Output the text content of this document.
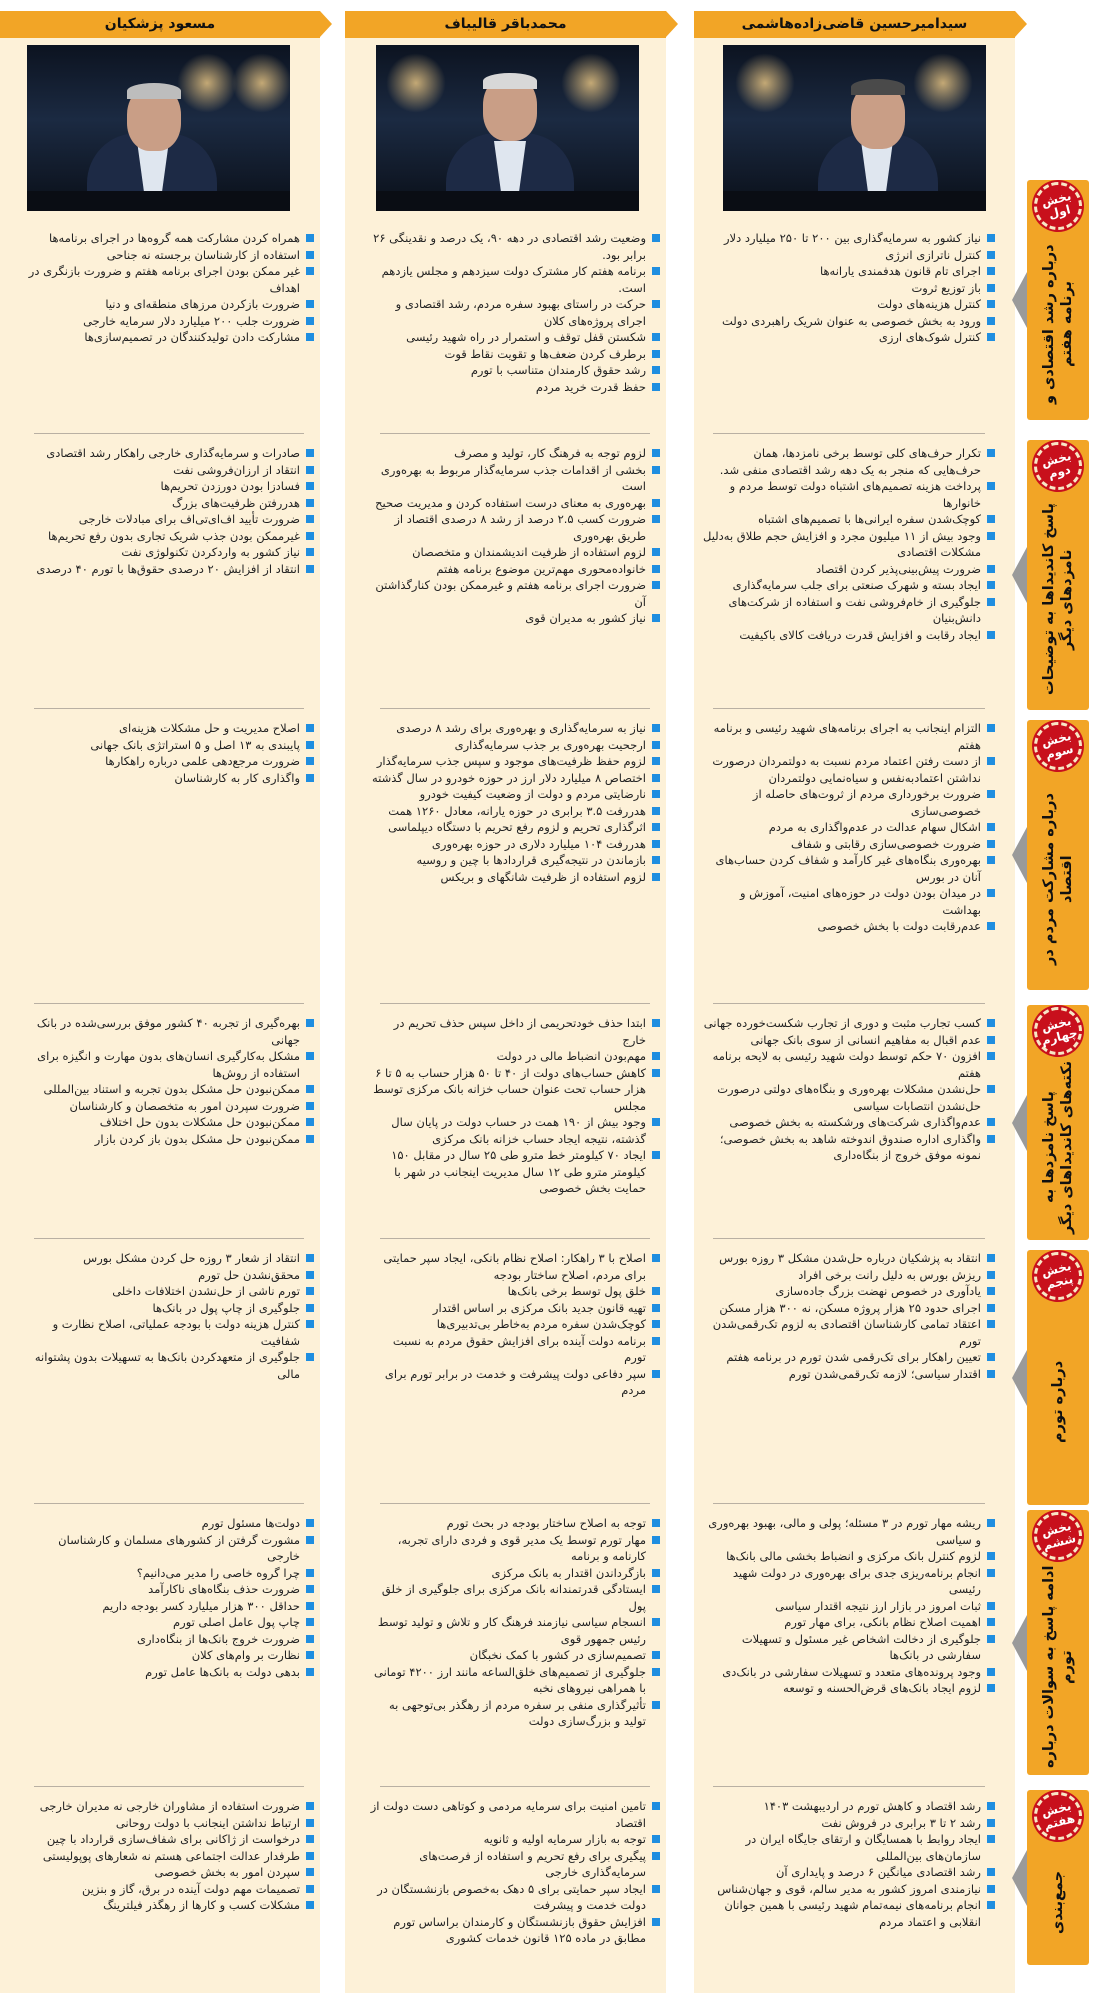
سیدامیرحسین قاضی‌زاده‌هاشمی
محمدباقر قالیباف
مسعود پزشکیان
نیاز کشور به سرمایه‌گذاری بین ۲۰۰ تا ۲۵۰ میلیارد دلار
کنترل ناترازی انرژی
اجرای تام قانون هدفمندی یارانه‌ها
باز توزیع ثروت
کنترل هزینه‌های دولت
ورود به بخش خصوصی به عنوان شریک راهبردی دولت
کنترل شوک‌های ارزی
وضعیت رشد اقتصادی در دهه ۹۰، یک درصد و نقدینگی ۲۶ برابر بود.
برنامه هفتم کار مشترک دولت سیزدهم و مجلس یازدهم است.
حرکت در راستای بهبود سفره مردم، رشد اقتصادی و اجرای پروژه‌های کلان
شکستن قفل توقف و استمرار در راه شهید رئیسی
برطرف کردن ضعف‌ها و تقویت نقاط قوت
رشد حقوق کارمندان متناسب با تورم
حفظ قدرت خرید مردم
همراه کردن مشارکت همه گروه‌ها در اجرای برنامه‌ها
استفاده از کارشناسان برجسته نه جناحی
غیر ممکن بودن اجرای برنامه هفتم و ضرورت بازنگری در اهداف
ضرورت بازکردن مرزهای منطقه‌ای و دنیا
ضرورت جلب ۲۰۰ میلیارد دلار سرمایه خارجی
مشارکت دادن تولیدکنندگان در تصمیم‌سازی‌ها	درباره رشد اقتصادی و برنامه هفتم
بخش اول
تکرار حرف‌های کلی توسط برخی نامزدها، همان حرف‌هایی که منجر به یک دهه رشد اقتصادی منفی شد.
پرداخت هزینه تصمیم‌های اشتباه دولت توسط مردم و خانوارها
کوچک‌شدن سفره ایرانی‌ها با تصمیم‌های اشتباه
وجود بیش از ۱۱ میلیون مجرد و افزایش حجم طلاق به‌دلیل مشکلات اقتصادی
ضرورت پیش‌بینی‌پذیر کردن اقتصاد
ایجاد بسته و شهرک صنعتی برای جلب سرمایه‌گذاری
جلوگیری از خام‌فروشی نفت و استفاده از شرکت‌های دانش‌بنیان
ایجاد رقابت و افزایش قدرت دریافت کالای باکیفیت
لزوم توجه به فرهنگ کار، تولید و مصرف
بخشی از اقدامات جذب سرمایه‌گذار مربوط به بهره‌وری است
بهره‌وری به معنای درست استفاده کردن و مدیریت صحیح
ضرورت کسب ۲.۵ درصد از رشد ۸ درصدی اقتصاد از طریق بهره‌وری
لزوم استفاده از ظرفیت اندیشمندان و متخصصان
خانواده‌محوری مهم‌ترین موضوع برنامه هفتم
ضرورت اجرای برنامه هفتم و غیرممکن بودن کنارگذاشتن آن
نیاز کشور به مدیران قوی
صادرات و سرمایه‌گذاری خارجی راهکار رشد اقتصادی
انتقاد از ارزان‌فروشی نفت
فسادزا بودن دورزدن تحریم‌ها
هدررفتن ظرفیت‌های بزرگ
ضرورت تأیید اف‌ای‌تی‌اف برای مبادلات خارجی
غیرممکن بودن جذب شریک تجاری بدون رفع تحریم‌ها
نیاز کشور به واردکردن تکنولوژی نفت
انتقاد از افزایش ۲۰ درصدی حقوق‌ها با تورم ۴۰ درصدی	پاسخ کاندیداها به توضیحات نامزدهای دیگر
بخش دوم
التزام اینجانب به اجرای برنامه‌های شهید رئیسی و برنامه هفتم
از دست رفتن اعتماد مردم نسبت به دولتمردان درصورت نداشتن اعتمادبه‌نفس و سیاه‌نمایی دولتمردان
ضرورت برخورداری مردم از ثروت‌های حاصله از خصوصی‌سازی
اشکال سهام عدالت در عدم‌واگذاری به مردم
ضرورت خصوصی‌سازی رقابتی و شفاف
بهره‌وری بنگاه‌های غیر کارآمد و شفاف کردن حساب‌های آنان در بورس
در میدان بودن دولت در حوزه‌های امنیت، آموزش و بهداشت
عدم‌رقابت دولت با بخش خصوصی
نیاز به سرمایه‌گذاری و بهره‌وری برای رشد ۸ درصدی
ارجحیت بهره‌وری بر جذب سرمایه‌گذاری
لزوم حفظ ظرفیت‌های موجود و سپس جذب سرمایه‌گذار
اختصاص ۸ میلیارد دلار ارز در حوزه خودرو در سال گذشته
نارضایتی مردم و دولت از وضعیت کیفیت خودرو
هدررفت ۳.۵ برابری در حوزه یارانه، معادل ۱۲۶۰ همت
اثرگذاری تحریم و لزوم رفع تحریم با دستگاه دیپلماسی
هدررفت ۱۰۴ میلیارد دلاری در حوزه بهره‌وری
بازماندن در نتیجه‌گیری قراردادها با چین و روسیه
لزوم استفاده از ظرفیت شانگهای و بریکس
اصلاح مدیریت و حل مشکلات هزینه‌ای
پایبندی به ۱۳ اصل و ۵ استراتژی بانک جهانی
ضرورت مرجع‌دهی علمی درباره راهکارها
واگذاری کار به کارشناسان
درباره مشارکت مردم در اقتصاد
بخش سوم
کسب تجارب مثبت و دوری از تجارب شکست‌خورده جهانی
عدم اقبال به مفاهیم انسانی از سوی بانک جهانی
افزون ۷۰ حکم توسط دولت شهید رئیسی به لایحه برنامه هفتم
حل‌نشدن مشکلات بهره‌وری و بنگاه‌های دولتی درصورت حل‌نشدن انتصابات سیاسی
عدم‌واگذاری شرکت‌های ورشکسته به بخش خصوصی
واگذاری اداره صندوق اندوخته شاهد به بخش خصوصی؛ نمونه موفق خروج از بنگاه‌داری
ابتدا حذف خودتحریمی از داخل سپس حذف تحریم در خارج
مهم‌بودن انضباط مالی در دولت
کاهش حساب‌های دولت از ۴۰ تا ۵۰ هزار حساب به ۵ تا ۶ هزار حساب تحت عنوان حساب خزانه بانک مرکزی توسط مجلس
وجود بیش از ۱۹۰ همت در حساب دولت در پایان سال گذشته، نتیجه ایجاد حساب خزانه بانک مرکزی
ایجاد ۷۰ کیلومتر خط مترو طی ۲۵ سال در مقابل ۱۵۰ کیلومتر مترو طی ۱۲ سال مدیریت اینجانب در شهر با حمایت بخش خصوصی
بهره‌گیری از تجربه ۴۰ کشور موفق بررسی‌شده در بانک جهانی
مشکل به‌کارگیری انسان‌های بدون مهارت و انگیزه برای استفاده از روش‌ها
ممکن‌نبودن حل مشکل بدون تجربه و استناد بین‌المللی
ضرورت سپردن امور به متخصصان و کارشناسان
ممکن‌نبودن حل مشکلات بدون حل اختلاف
ممکن‌نبودن حل مشکل بدون باز کردن بازار	پاسخ نامزدها به نکته‌های کاندیداهای دیگر
بخش چهارم
انتقاد به پزشکیان درباره حل‌شدن مشکل ۳ روزه بورس
ریزش بورس به دلیل رانت برخی افراد
یادآوری در خصوص نهضت بزرگ جاده‌سازی
اجرای حدود ۲۵ هزار پروژه مسکن، نه ۳۰۰ هزار مسکن
اعتقاد تمامی کارشناسان اقتصادی به لزوم تک‌رقمی‌شدن تورم
تعیین راهکار برای تک‌رقمی شدن تورم در برنامه هفتم
اقتدار سیاسی؛ لازمه تک‌رقمی‌شدن تورم
اصلاح با ۳ راهکار: اصلاح نظام بانکی، ایجاد سپر حمایتی برای مردم، اصلاح ساختار بودجه
خلق پول توسط برخی بانک‌ها
تهیه قانون جدید بانک مرکزی بر اساس اقتدار
کوچک‌شدن سفره مردم به‌خاطر بی‌تدبیری‌ها
برنامه دولت آینده برای افزایش حقوق مردم به نسبت تورم
سپر دفاعی دولت پیشرفت و خدمت در برابر تورم برای مردم
انتقاد از شعار ۳ روزه حل کردن مشکل بورس
محقق‌نشدن حل تورم
تورم ناشی از حل‌نشدن اختلافات داخلی
جلوگیری از چاپ پول در بانک‌ها
کنترل هزینه دولت با بودجه عملیاتی، اصلاح نظارت و شفافیت
جلوگیری از متعهدکردن بانک‌ها به تسهیلات بدون پشتوانه مالی	درباره تورم
بخش پنجم
ریشه مهار تورم در ۳ مسئله؛ پولی و مالی، بهبود بهره‌وری و سیاسی
لزوم کنترل بانک مرکزی و انضباط بخشی مالی بانک‌ها
انجام برنامه‌ریزی جدی برای بهره‌وری در دولت شهید رئیسی
ثبات امروز در بازار ارز نتیجه اقتدار سیاسی
اهمیت اصلاح نظام بانکی، برای مهار تورم
جلوگیری از دخالت اشخاص غیر مسئول و تسهیلات سفارشی در بانک‌ها
وجود پرونده‌های متعدد و تسهیلات سفارشی در بانک‌دی
لزوم ایجاد بانک‌های قرض‌الحسنه و توسعه
توجه به اصلاح ساختار بودجه در بحث تورم
مهار تورم توسط یک مدیر قوی و فردی دارای تجربه، کارنامه و برنامه
بازگرداندن اقتدار به بانک مرکزی
ایستادگی قدرتمندانه بانک مرکزی برای جلوگیری از خلق پول
انسجام سیاسی نیازمند فرهنگ کار و تلاش و تولید توسط رئیس جمهور قوی
تصمیم‌سازی در کشور با کمک نخبگان
جلوگیری از تصمیم‌های خلق‌الساعه مانند ارز ۴۲۰۰ تومانی با همراهی نیروهای نخبه
تأثیرگذاری منفی بر سفره مردم از رهگذر بی‌توجهی به تولید و بزرگ‌سازی دولت
دولت‌ها مسئول تورم
مشورت گرفتن از کشورهای مسلمان و کارشناسان خارجی
چرا گروه خاصی را مدیر می‌دانیم؟
ضرورت حذف بنگاه‌های ناکارآمد
حداقل ۳۰۰ هزار میلیارد کسر بودجه داریم
چاپ پول عامل اصلی تورم
ضرورت خروج بانک‌ها از بنگاه‌داری
نظارت بر وام‌های کلان
بدهی دولت به بانک‌ها عامل تورم	ادامه پاسخ به سوالات درباره تورم
بخش ششم
رشد اقتصاد و کاهش تورم در اردیبهشت ۱۴۰۳
رشد ۲ تا ۳ برابری در فروش نفت
ایجاد روابط با همسایگان و ارتقای جایگاه ایران در سازمان‌های بین‌المللی
رشد اقتصادی میانگین ۶ درصد و پایداری آن
نیازمندی امروز کشور به مدیر سالم، قوی و جهان‌شناس
انجام برنامه‌های نیمه‌تمام شهید رئیسی با همین جوانان انقلابی و اعتماد مردم
تامین امنیت برای سرمایه مردمی و کوتاهی دست دولت از اقتصاد
توجه به بازار سرمایه اولیه و ثانویه
پیگیری برای رفع تحریم و استفاده از فرصت‌های سرمایه‌گذاری خارجی
ایجاد سپر حمایتی برای ۵ دهک به‌خصوص بازنشستگان در دولت خدمت و پیشرفت
افزایش حقوق بازنشستگان و کارمندان براساس تورم مطابق در ماده ۱۲۵ قانون خدمات کشوری
ضرورت استفاده از مشاوران خارجی نه مدیران خارجی
ارتباط نداشتن اینجانب با دولت روحانی
درخواست از ژاکانی برای شفاف‌سازی قرارداد با چین
طرفدار عدالت اجتماعی هستم نه شعارهای پوپولیستی
سپردن امور به بخش خصوصی
تصمیمات مهم دولت آینده در برق، گاز و بنزین
مشکلات کسب و کارها از رهگذر فیلترینگ	جمع‌بندی
بخش هفتم
